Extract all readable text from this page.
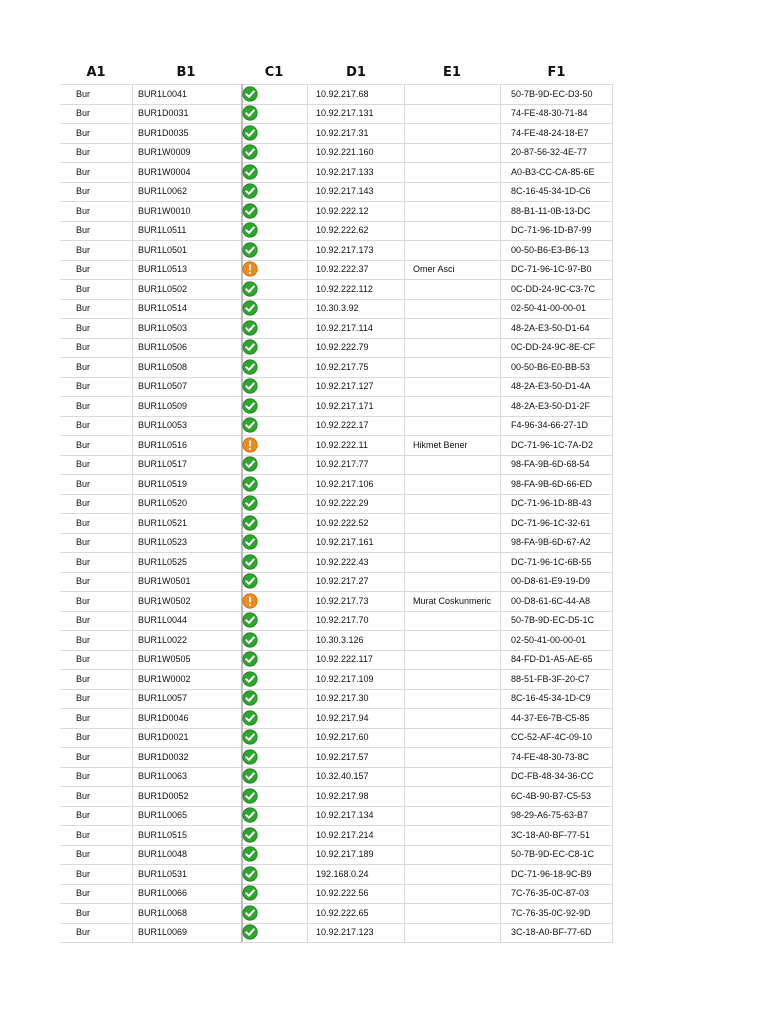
A1	B1	C1	D1	E1	F1
Bur	BUR1L0041	10.92.217.68	50-7B-9D-EC-D3-50
Bur	BUR1D0031	10.92.217.131	74-FE-48-30-71-84
Bur	BUR1D0035	10.92.217.31	74-FE-48-24-18-E7
Bur	BUR1W0009	10.92.221.160	20-87-56-32-4E-77
Bur	BUR1W0004	10.92.217.133	A0-B3-CC-CA-85-6E
Bur	BUR1L0062	10.92.217.143	8C-16-45-34-1D-C6
Bur	BUR1W0010	10.92.222.12	88-B1-11-0B-13-DC
Bur	BUR1L0511	10.92.222.62	DC-71-96-1D-B7-99
Bur	BUR1L0501	10.92.217.173	00-50-B6-E3-B6-13
Bur	BUR1L0513	10.92.222.37	Omer Asci	DC-71-96-1C-97-B0
Bur	BUR1L0502	10.92.222.112	0C-DD-24-9C-C3-7C
Bur	BUR1L0514	10.30.3.92	02-50-41-00-00-01
Bur	BUR1L0503	10.92.217.114	48-2A-E3-50-D1-64
Bur	BUR1L0506	10.92.222.79	0C-DD-24-9C-8E-CF
Bur	BUR1L0508	10.92.217.75	00-50-B6-E0-BB-53
Bur	BUR1L0507	10.92.217.127	48-2A-E3-50-D1-4A
Bur	BUR1L0509	10.92.217.171	48-2A-E3-50-D1-2F
Bur	BUR1L0053	10.92.222.17	F4-96-34-66-27-1D
Bur	BUR1L0516	10.92.222.11	Hikmet Bener	DC-71-96-1C-7A-D2
Bur	BUR1L0517	10.92.217.77	98-FA-9B-6D-68-54
Bur	BUR1L0519	10.92.217.106	98-FA-9B-6D-66-ED
Bur	BUR1L0520	10.92.222.29	DC-71-96-1D-8B-43
Bur	BUR1L0521	10.92.222.52	DC-71-96-1C-32-61
Bur	BUR1L0523	10.92.217.161	98-FA-9B-6D-67-A2
Bur	BUR1L0525	10.92.222.43	DC-71-96-1C-6B-55
Bur	BUR1W0501	10.92.217.27	00-D8-61-E9-19-D9
Bur	BUR1W0502	10.92.217.73	Murat Coskunmeric	00-D8-61-6C-44-A8
Bur	BUR1L0044	10.92.217.70	50-7B-9D-EC-D5-1C
Bur	BUR1L0022	10.30.3.126	02-50-41-00-00-01
Bur	BUR1W0505	10.92.222.117	84-FD-D1-A5-AE-65
Bur	BUR1W0002	10.92.217.109	88-51-FB-3F-20-C7
Bur	BUR1L0057	10.92.217.30	8C-16-45-34-1D-C9
Bur	BUR1D0046	10.92.217.94	44-37-E6-7B-C5-85
Bur	BUR1D0021	10.92.217.60	CC-52-AF-4C-09-10
Bur	BUR1D0032	10.92.217.57	74-FE-48-30-73-8C
Bur	BUR1L0063	10.32.40.157	DC-FB-48-34-36-CC
Bur	BUR1D0052	10.92.217.98	6C-4B-90-B7-C5-53
Bur	BUR1L0065	10.92.217.134	98-29-A6-75-63-B7
Bur	BUR1L0515	10.92.217.214	3C-18-A0-BF-77-51
Bur	BUR1L0048	10.92.217.189	50-7B-9D-EC-C8-1C
Bur	BUR1L0531	192.168.0.24	DC-71-96-18-9C-B9
Bur	BUR1L0066	10.92.222.56	7C-76-35-0C-87-03
Bur	BUR1L0068	10.92.222.65	7C-76-35-0C-92-9D
Bur	BUR1L0069	10.92.217.123	3C-18-A0-BF-77-6D
